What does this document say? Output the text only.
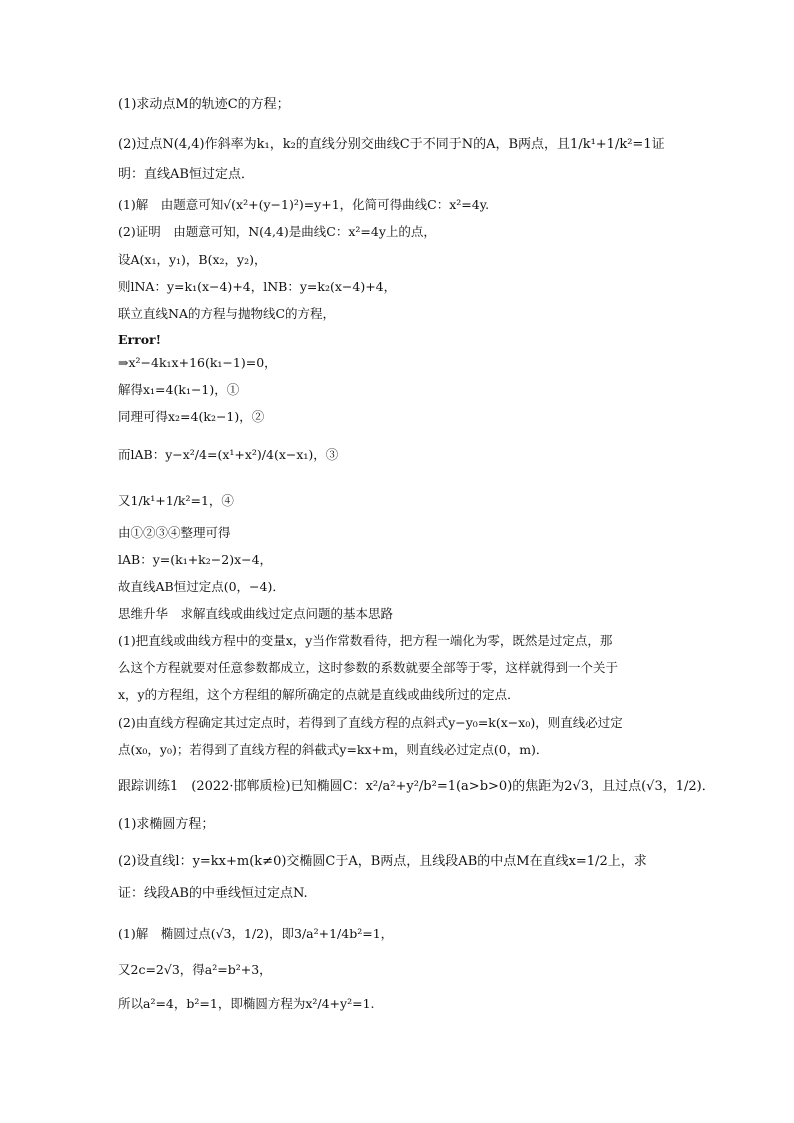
(1)求动点M的轨迹C的方程；
(2)过点N(4,4)作斜率为k₁，k₂的直线分别交曲线C于不同于N的A，B两点，且1/k¹+1/k²=1证
明：直线AB恒过定点．
(1)解　由题意可知√(x²+(y−1)²)=y+1，化简可得曲线C：x²=4y.
(2)证明　由题意可知，N(4,4)是曲线C：x²=4y上的点，
设A(x₁，y₁)，B(x₂，y₂)，
则lNA：y=k₁(x−4)+4，lNB：y=k₂(x−4)+4，
联立直线NA的方程与抛物线C的方程，
Error!
⇒x²−4k₁x+16(k₁−1)=0，
解得x₁=4(k₁−1)，①
同理可得x₂=4(k₂−1)，②
而lAB：y−x²/4=(x¹+x²)/4(x−x₁)，③
又1/k¹+1/k²=1，④
由①②③④整理可得
lAB：y=(k₁+k₂−2)x−4，
故直线AB恒过定点(0，−4)．
思维升华　求解直线或曲线过定点问题的基本思路
(1)把直线或曲线方程中的变量x，y当作常数看待，把方程一端化为零，既然是过定点，那
么这个方程就要对任意参数都成立，这时参数的系数就要全部等于零，这样就得到一个关于
x，y的方程组，这个方程组的解所确定的点就是直线或曲线所过的定点．
(2)由直线方程确定其过定点时，若得到了直线方程的点斜式y−y₀=k(x−x₀)，则直线必过定
点(x₀，y₀)；若得到了直线方程的斜截式y=kx+m，则直线必过定点(0，m)．
跟踪训练1　(2022·邯郸质检)已知椭圆C：x²/a²+y²/b²=1(a>b>0)的焦距为2√3，且过点(√3，1/2)．
(1)求椭圆方程；
(2)设直线l：y=kx+m(k≠0)交椭圆C于A，B两点，且线段AB的中点M在直线x=1/2上，求
证：线段AB的中垂线恒过定点N.
(1)解　椭圆过点(√3，1/2)，即3/a²+1/4b²=1，
又2c=2√3，得a²=b²+3，
所以a²=4，b²=1，即椭圆方程为x²/4+y²=1.
